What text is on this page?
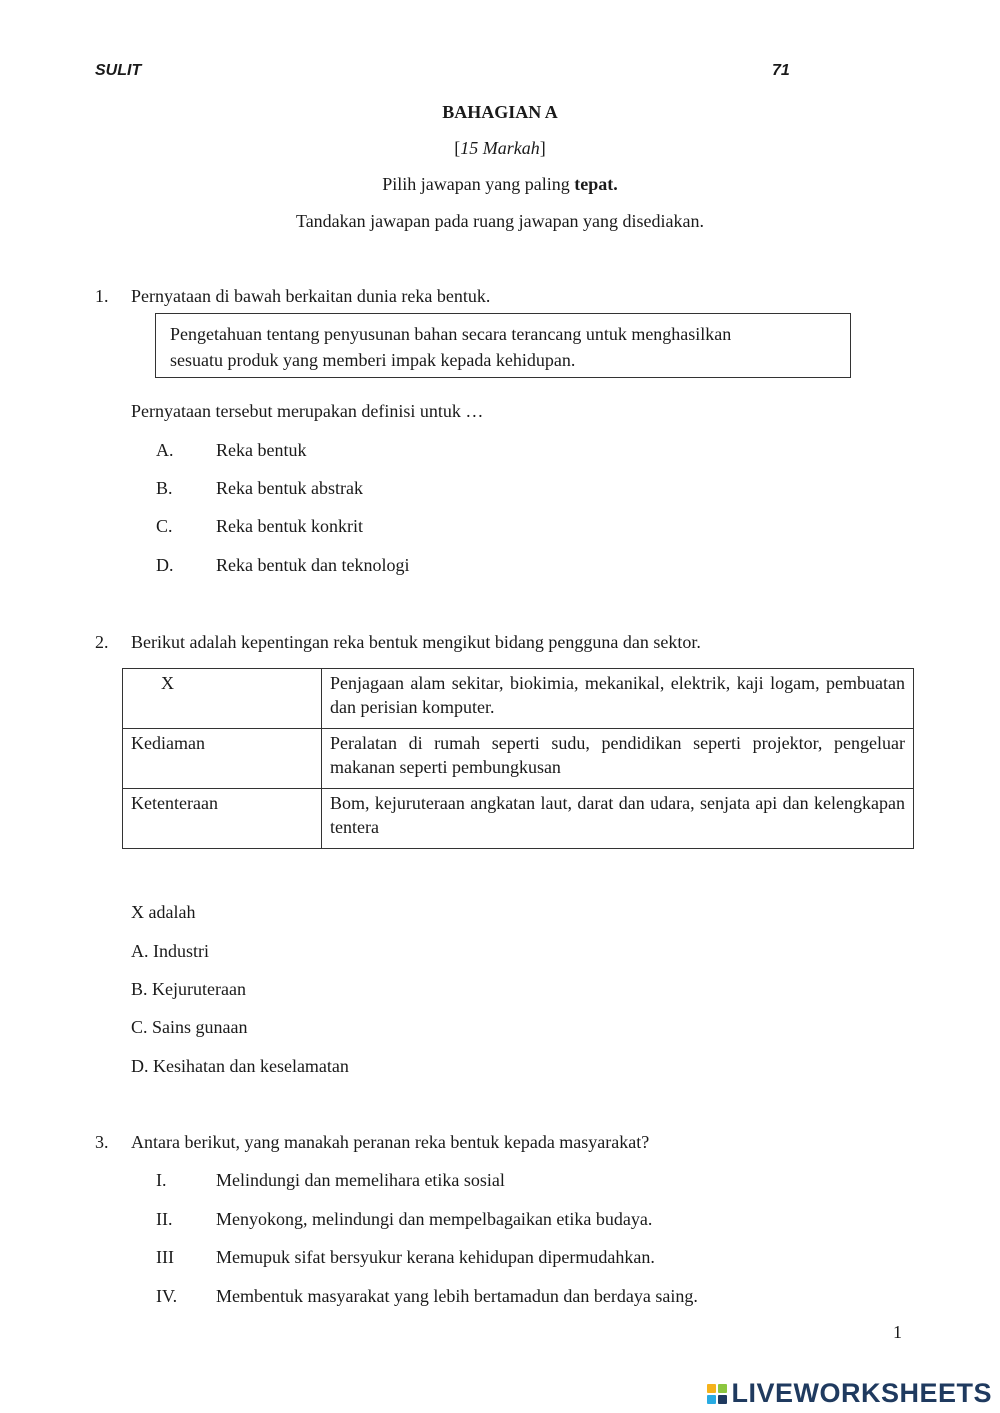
SULIT	71
BAHAGIAN A
[15 Markah]
Pilih jawapan yang paling tepat.
Tandakan jawapan pada ruang jawapan yang disediakan.
1. Pernyataan di bawah berkaitan dunia reka bentuk.
Pengetahuan tentang penyusunan bahan secara terancang untuk menghasilkan
sesuatu produk yang memberi impak kepada kehidupan.
Pernyataan tersebut merupakan definisi untuk …
A. Reka bentuk
B. Reka bentuk abstrak
C. Reka bentuk konkrit
D. Reka bentuk dan teknologi
2. Berikut adalah kepentingan reka bentuk mengikut bidang pengguna dan sektor.
X	Penjagaan alam sekitar, biokimia, mekanikal, elektrik, kaji logam, pembuatan dan perisian komputer.
Kediaman	Peralatan di rumah seperti sudu, pendidikan seperti projektor, pengeluar makanan seperti pembungkusan
Ketenteraan	Bom, kejuruteraan angkatan laut, darat dan udara, senjata api dan kelengkapan tentera
X adalah
A. Industri
B. Kejuruteraan
C. Sains gunaan
D. Kesihatan dan keselamatan
3. Antara berikut, yang manakah peranan reka bentuk kepada masyarakat?
I.	Melindungi dan memelihara etika sosial
II. Menyokong, melindungi dan mempelbagaikan etika budaya.
III Memupuk sifat bersyukur kerana kehidupan dipermudahkan.
IV. Membentuk masyarakat yang lebih bertamadun dan berdaya saing.
1
LIVEWORKSHEETS
